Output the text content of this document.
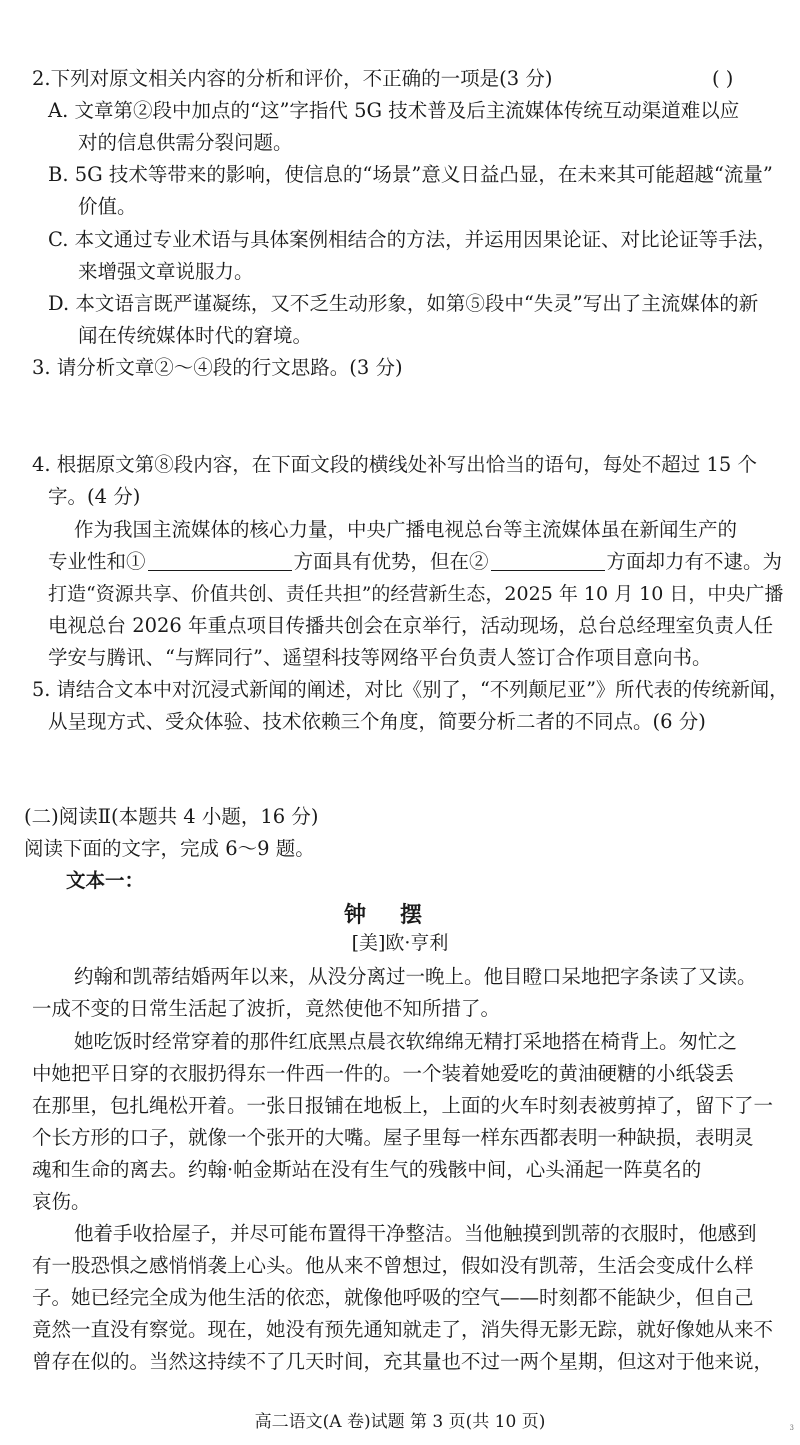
2.下列对原文相关内容的分析和评价，不正确的一项是(3 分)	( )
A. 文章第②段中加点的“这”字指代 5G 技术普及后主流媒体传统互动渠道难以应
对的信息供需分裂问题。
B. 5G 技术等带来的影响，使信息的“场景”意义日益凸显，在未来其可能超越“流量”
价值。
C. 本文通过专业术语与具体案例相结合的方法，并运用因果论证、对比论证等手法，
来增强文章说服力。
D. 本文语言既严谨凝练，又不乏生动形象，如第⑤段中“失灵”写出了主流媒体的新
闻在传统媒体时代的窘境。
3. 请分析文章②～④段的行文思路。(3 分)
4. 根据原文第⑧段内容，在下面文段的横线处补写出恰当的语句，每处不超过 15 个
字。(4 分)
作为我国主流媒体的核心力量，中央广播电视总台等主流媒体虽在新闻生产的
专业性和①	方面具有优势，但在②	方面却力有不逮。为
打造“资源共享、价值共创、责任共担”的经营新生态，2025 年 10 月 10 日，中央广播
电视总台 2026 年重点项目传播共创会在京举行，活动现场，总台总经理室负责人任
学安与腾讯、“与辉同行”、遥望科技等网络平台负责人签订合作项目意向书。
5. 请结合文本中对沉浸式新闻的阐述，对比《别了，“不列颠尼亚”》所代表的传统新闻，
从呈现方式、受众体验、技术依赖三个角度，简要分析二者的不同点。(6 分)
(二)阅读Ⅱ(本题共 4 小题，16 分)
阅读下面的文字，完成 6～9 题。
文本一：
钟摆
[美]欧·亨利
约翰和凯蒂结婚两年以来，从没分离过一晚上。他目瞪口呆地把字条读了又读。
一成不变的日常生活起了波折，竟然使他不知所措了。
她吃饭时经常穿着的那件红底黑点晨衣软绵绵无精打采地搭在椅背上。匆忙之
中她把平日穿的衣服扔得东一件西一件的。一个装着她爱吃的黄油硬糖的小纸袋丢
在那里，包扎绳松开着。一张日报铺在地板上，上面的火车时刻表被剪掉了，留下了一
个长方形的口子，就像一个张开的大嘴。屋子里每一样东西都表明一种缺损，表明灵
魂和生命的离去。约翰·帕金斯站在没有生气的残骸中间，心头涌起一阵莫名的
哀伤。
他着手收拾屋子，并尽可能布置得干净整洁。当他触摸到凯蒂的衣服时，他感到
有一股恐惧之感悄悄袭上心头。他从来不曾想过，假如没有凯蒂，生活会变成什么样
子。她已经完全成为他生活的依恋，就像他呼吸的空气——时刻都不能缺少，但自己
竟然一直没有察觉。现在，她没有预先通知就走了，消失得无影无踪，就好像她从来不
曾存在似的。当然这持续不了几天时间，充其量也不过一两个星期，但这对于他来说，
高二语文(A 卷)试题 第 3 页(共 10 页)	3
